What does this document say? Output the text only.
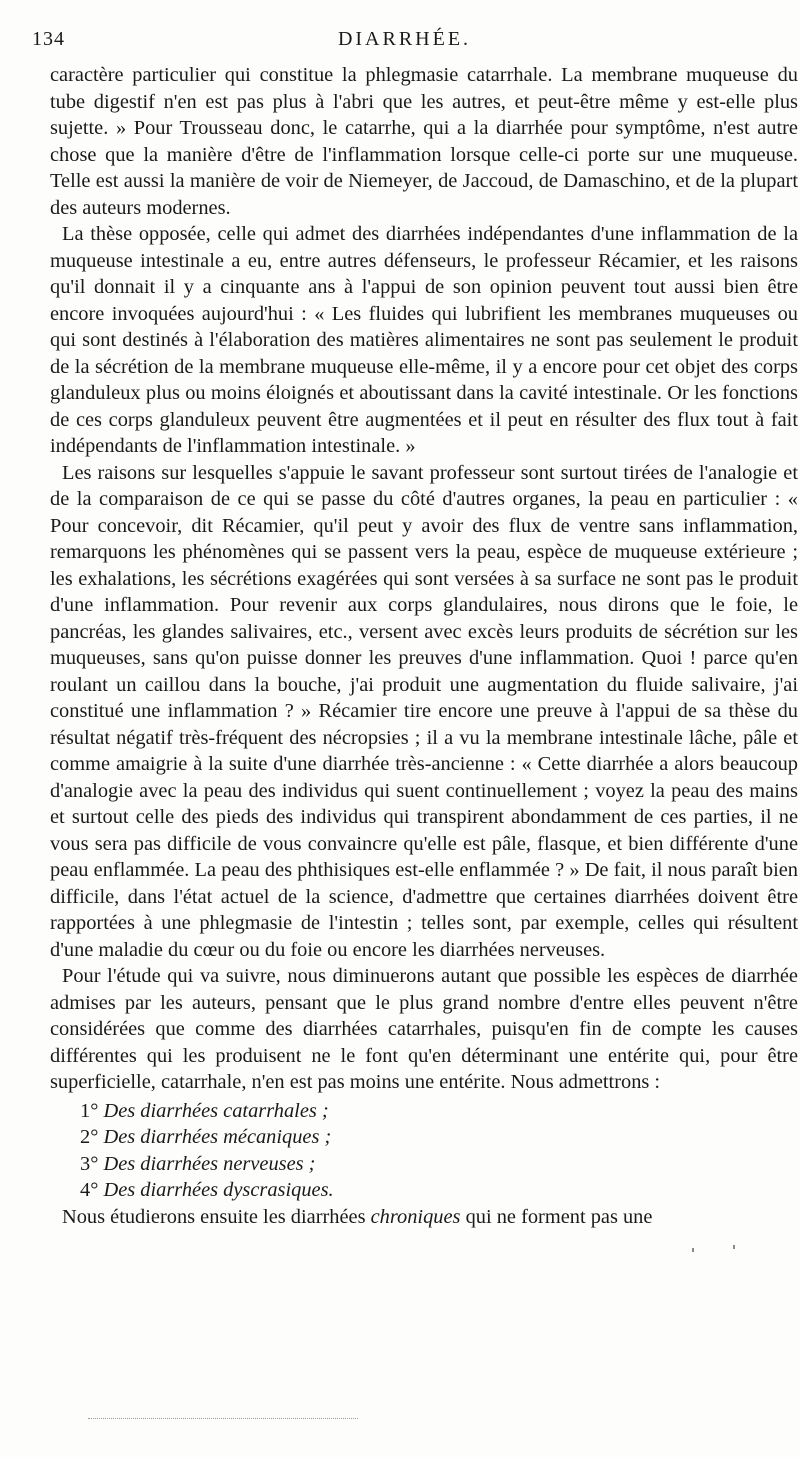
134	DIARRHÉE.

caractère particulier qui constitue la phlegmasie catarrhale. La membrane muqueuse du tube digestif n'en est pas plus à l'abri que les autres, et peut-être même y est-elle plus sujette. » Pour Trousseau donc, le catarrhe, qui a la diarrhée pour symptôme, n'est autre chose que la manière d'être de l'inflammation lorsque celle-ci porte sur une muqueuse. Telle est aussi la manière de voir de Niemeyer, de Jaccoud, de Damaschino, et de la plupart des auteurs modernes.

La thèse opposée, celle qui admet des diarrhées indépendantes d'une inflammation de la muqueuse intestinale a eu, entre autres défenseurs, le professeur Récamier, et les raisons qu'il donnait il y a cinquante ans à l'appui de son opinion peuvent tout aussi bien être encore invoquées aujourd'hui : « Les fluides qui lubrifient les membranes muqueuses ou qui sont destinés à l'élaboration des matières alimentaires ne sont pas seulement le produit de la sécrétion de la membrane muqueuse elle-même, il y a encore pour cet objet des corps glanduleux plus ou moins éloignés et aboutissant dans la cavité intestinale. Or les fonctions de ces corps glanduleux peuvent être augmentées et il peut en résulter des flux tout à fait indépendants de l'inflammation intestinale. »

Les raisons sur lesquelles s'appuie le savant professeur sont surtout tirées de l'analogie et de la comparaison de ce qui se passe du côté d'autres organes, la peau en particulier : « Pour concevoir, dit Récamier, qu'il peut y avoir des flux de ventre sans inflammation, remarquons les phénomènes qui se passent vers la peau, espèce de muqueuse extérieure ; les exhalations, les sécrétions exagérées qui sont versées à sa surface ne sont pas le produit d'une inflammation. Pour revenir aux corps glandulaires, nous dirons que le foie, le pancréas, les glandes salivaires, etc., versent avec excès leurs produits de sécrétion sur les muqueuses, sans qu'on puisse donner les preuves d'une inflammation. Quoi ! parce qu'en roulant un caillou dans la bouche, j'ai produit une augmentation du fluide salivaire, j'ai constitué une inflammation ? » Récamier tire encore une preuve à l'appui de sa thèse du résultat négatif très-fréquent des nécropsies ; il a vu la membrane intestinale lâche, pâle et comme amaigrie à la suite d'une diarrhée très-ancienne : « Cette diarrhée a alors beaucoup d'analogie avec la peau des individus qui suent continuellement ; voyez la peau des mains et surtout celle des pieds des individus qui transpirent abondamment de ces parties, il ne vous sera pas difficile de vous convaincre qu'elle est pâle, flasque, et bien différente d'une peau enflammée. La peau des phthisiques est-elle enflammée ? » De fait, il nous paraît bien difficile, dans l'état actuel de la science, d'admettre que certaines diarrhées doivent être rapportées à une phlegmasie de l'intestin ; telles sont, par exemple, celles qui résultent d'une maladie du cœur ou du foie ou encore les diarrhées nerveuses.

Pour l'étude qui va suivre, nous diminuerons autant que possible les espèces de diarrhée admises par les auteurs, pensant que le plus grand nombre d'entre elles peuvent n'être considérées que comme des diarrhées catarrhales, puisqu'en fin de compte les causes différentes qui les produisent ne le font qu'en déterminant une entérite qui, pour être superficielle, catarrhale, n'en est pas moins une entérite. Nous admettrons :

1° Des diarrhées catarrhales ;
2° Des diarrhées mécaniques ;
3° Des diarrhées nerveuses ;
4° Des diarrhées dyscrasiques.

Nous étudierons ensuite les diarrhées chroniques qui ne forment pas une
